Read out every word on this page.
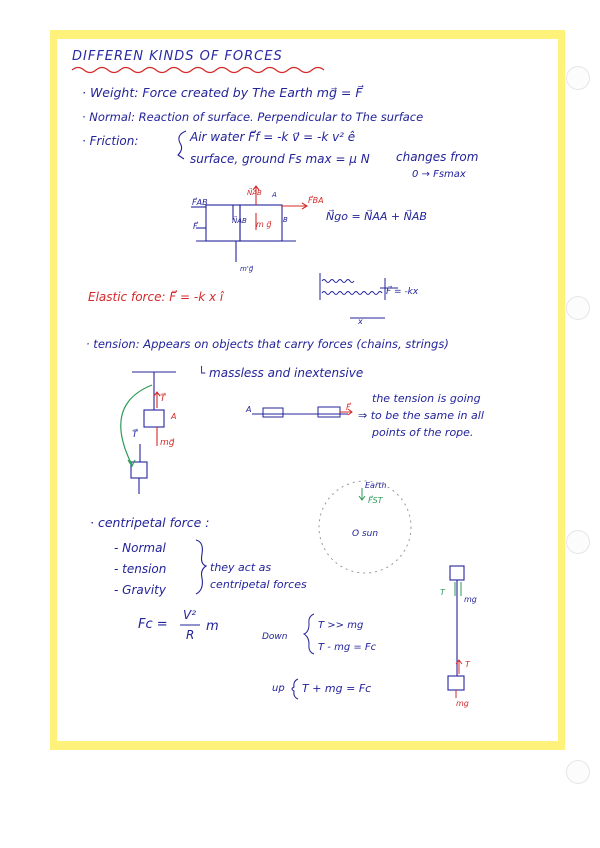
DIFFEREN KINDS OF FORCES
· Weight: Force created by The Earth mg⃗ = F⃗
· Normal: Reaction of surface. Perpendicular to The surface
· Friction:	Air water F⃗f = -k v⃗ = -k v² ê
surface, ground Fs max = μ N changes from
0 → Fsmax
F⃗AB	F⃗BA
N⃗AB
N⃗AB m g⃗
A
B
F⃗
m'g⃗
N⃗go = N⃗AA + N⃗AB
Elastic force: F⃗ = -k x î	F⃗ = -kx
x
· tension: Appears on objects that carry forces (chains, strings)
└ massless and inextensive
T⃗
A
mg⃗
T⃗
A	F⃗
the tension is going
⇒ to be the same in all
points of the rope.
Earth
F⃗ST
O sun
· centripetal force :
- Normal
- tension
- Gravity
they act as
centripetal forces
Fc =
V²
R
m
Down
T >> mg
T - mg = Fc
up T + mg = Fc
T
mg
T
mg
